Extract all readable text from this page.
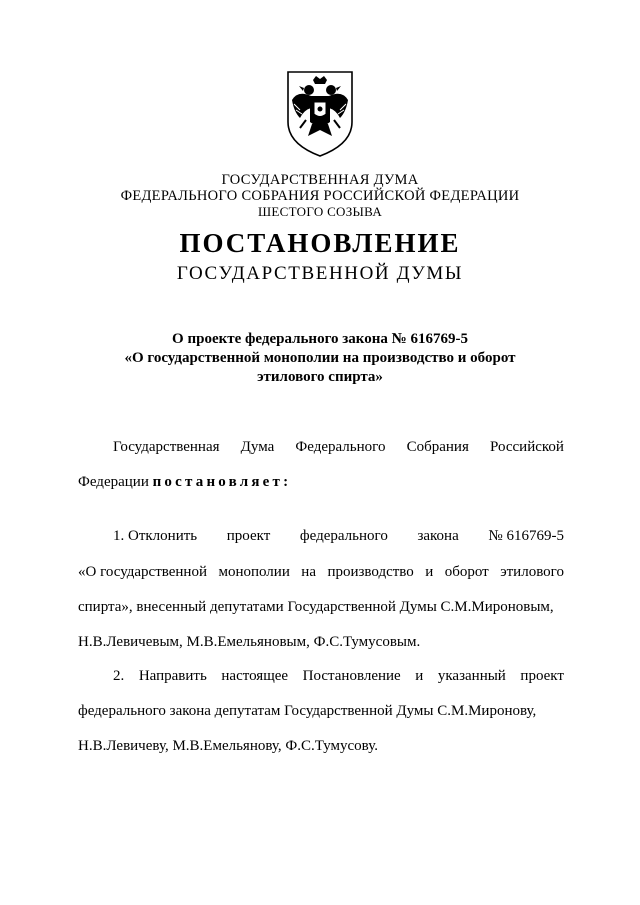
ГОСУДАРСТВЕННАЯ ДУМА
ФЕДЕРАЛЬНОГО СОБРАНИЯ РОССИЙСКОЙ ФЕДЕРАЦИИ
ШЕСТОГО СОЗЫВА
ПОСТАНОВЛЕНИЕ
ГОСУДАРСТВЕННОЙ ДУМЫ
О проекте федерального закона № 616769-5
«О государственной монополии на производство и оборот
этилового спирта»
Государственная Дума Федерального Собрания Российской
Федерации постановляет:
1. Отклонить проект федерального закона № 616769-5
«О государственной монополии на производство и оборот этилового
спирта», внесенный депутатами Государственной Думы С.М.Мироновым,
Н.В.Левичевым, М.В.Емельяновым, Ф.С.Тумусовым.
2. Направить настоящее Постановление и указанный проект
федерального закона депутатам Государственной Думы С.М.Миронову,
Н.В.Левичеву, М.В.Емельянову, Ф.С.Тумусову.
